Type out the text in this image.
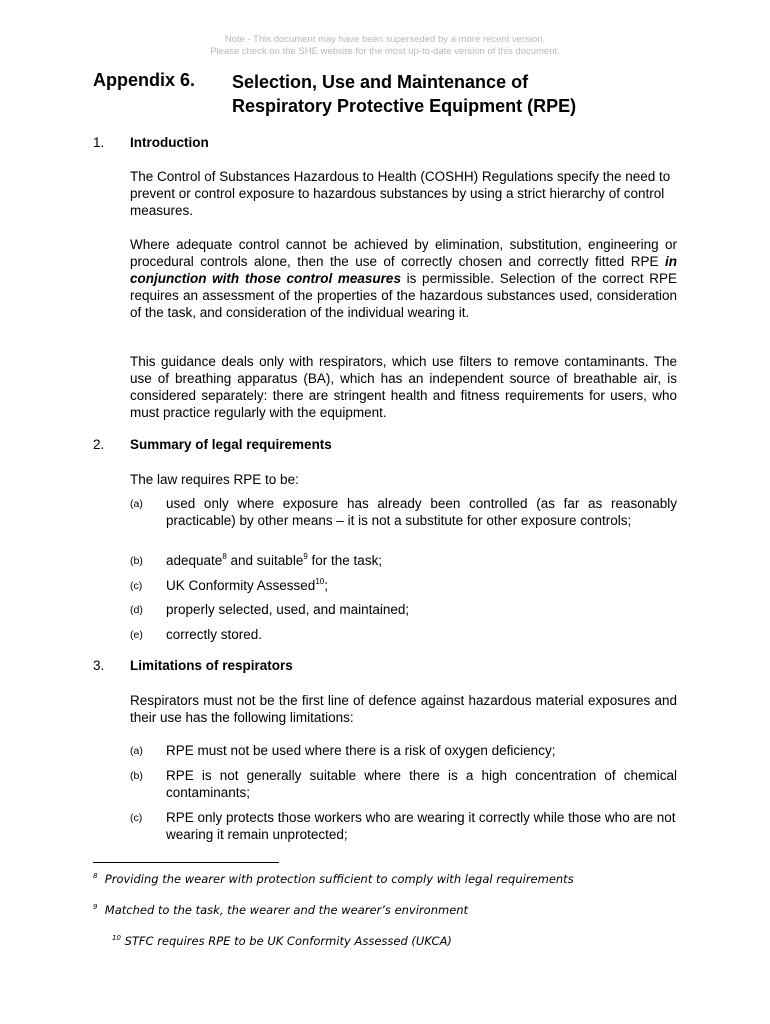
Note - This document may have been superseded by a more recent version.
Please check on the SHE website for the most up-to-date version of this document.
Appendix 6. Selection, Use and Maintenance of
Respiratory Protective Equipment (RPE)
1. Introduction
The Control of Substances Hazardous to Health (COSHH) Regulations specify the need to prevent or control exposure to hazardous substances by using a strict hierarchy of control measures.
Where adequate control cannot be achieved by elimination, substitution, engineering or procedural controls alone, then the use of correctly chosen and correctly fitted RPE in conjunction with those control measures is permissible. Selection of the correct RPE requires an assessment of the properties of the hazardous substances used, consideration of the task, and consideration of the individual wearing it.
This guidance deals only with respirators, which use filters to remove contaminants. The use of breathing apparatus (BA), which has an independent source of breathable air, is considered separately: there are stringent health and fitness requirements for users, who must practice regularly with the equipment.
2. Summary of legal requirements
The law requires RPE to be:
(a) used only where exposure has already been controlled (as far as reasonably practicable) by other means – it is not a substitute for other exposure controls;
(b) adequate$^8$ and suitable$^9$ for the task;
(c) UK Conformity Assessed$^{10}$;
(d) properly selected, used, and maintained;
(e) correctly stored.
3. Limitations of respirators
Respirators must not be the first line of defence against hazardous material exposures and their use has the following limitations:
(a) RPE must not be used where there is a risk of oxygen deficiency;
(b) RPE is not generally suitable where there is a high concentration of chemical contaminants;
(c) RPE only protects those workers who are wearing it correctly while those who are not wearing it remain unprotected;
$^8$ Providing the wearer with protection sufficient to comply with legal requirements
$^9$ Matched to the task, the wearer and the wearer’s environment
$^{10}$ STFC requires RPE to be UK Conformity Assessed (UKCA)
